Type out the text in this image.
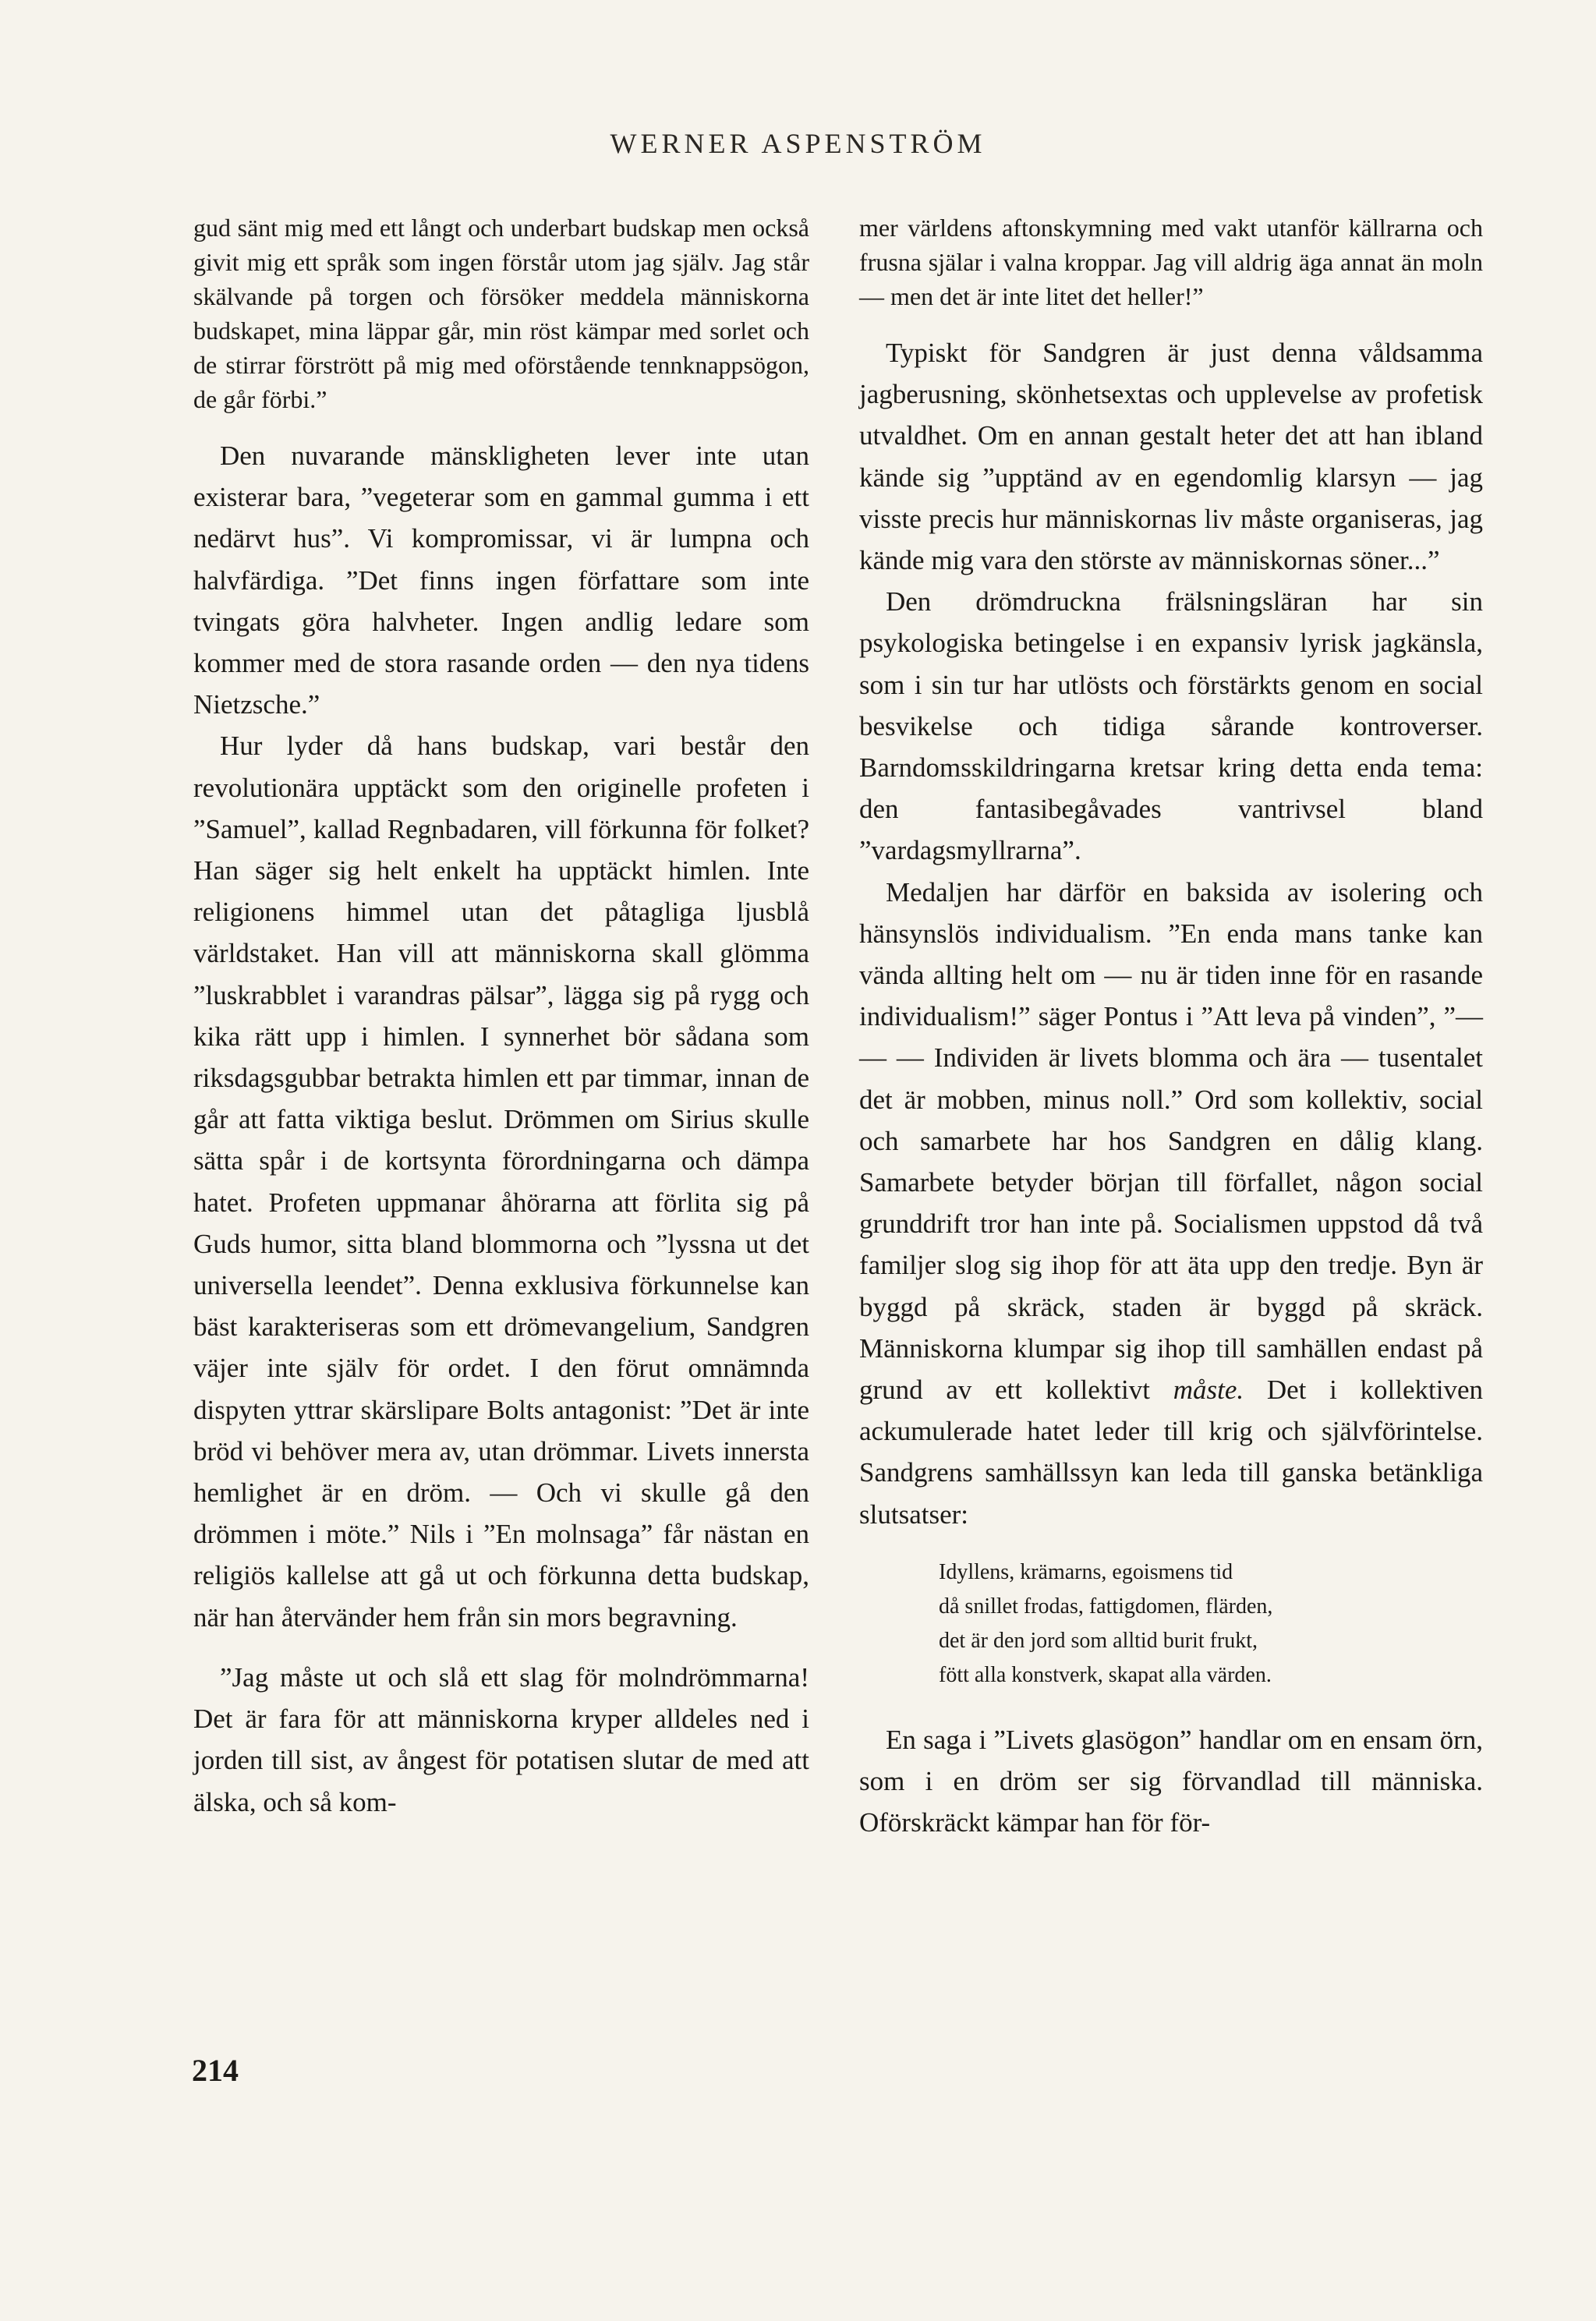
WERNER ASPENSTRÖM

gud sänt mig med ett långt och underbart budskap men också givit mig ett språk som ingen förstår utom jag själv. Jag står skälvande på torgen och försöker meddela människorna budskapet, mina läppar går, min röst kämpar med sorlet och de stirrar förstrött på mig med oförstående tennknappsögon, de går förbi.”

Den nuvarande mänskligheten lever inte utan existerar bara, ”vegeterar som en gammal gumma i ett nedärvt hus”. Vi kompromissar, vi är lumpna och halvfärdiga. ”Det finns ingen författare som inte tvingats göra halvheter. Ingen andlig ledare som kommer med de stora rasande orden — den nya tidens Nietzsche.”

Hur lyder då hans budskap, vari består den revolutionära upptäckt som den originelle profeten i ”Samuel”, kallad Regnbadaren, vill förkunna för folket? Han säger sig helt enkelt ha upptäckt himlen. Inte religionens himmel utan det påtagliga ljusblå världstaket. Han vill att människorna skall glömma ”luskrabblet i varandras pälsar”, lägga sig på rygg och kika rätt upp i himlen. I synnerhet bör sådana som riksdagsgubbar betrakta himlen ett par timmar, innan de går att fatta viktiga beslut. Drömmen om Sirius skulle sätta spår i de kortsynta förordningarna och dämpa hatet. Profeten uppmanar åhörarna att förlita sig på Guds humor, sitta bland blommorna och ”lyssna ut det universella leendet”. Denna exklusiva förkunnelse kan bäst karakteriseras som ett drömevangelium, Sandgren väjer inte själv för ordet. I den förut omnämnda dispyten yttrar skärslipare Bolts antagonist: ”Det är inte bröd vi behöver mera av, utan drömmar. Livets innersta hemlighet är en dröm. — Och vi skulle gå den drömmen i möte.” Nils i ”En molnsaga” får nästan en religiös kallelse att gå ut och förkunna detta budskap, när han återvänder hem från sin mors begravning.

”Jag måste ut och slå ett slag för molndrömmarna! Det är fara för att människorna kryper alldeles ned i jorden till sist, av ångest för potatisen slutar de med att älska, och så kom-

mer världens aftonskymning med vakt utanför källrarna och frusna själar i valna kroppar. Jag vill aldrig äga annat än moln — men det är inte litet det heller!”

Typiskt för Sandgren är just denna våldsamma jagberusning, skönhetsextas och upplevelse av profetisk utvaldhet. Om en annan gestalt heter det att han ibland kände sig ”upptänd av en egendomlig klarsyn — jag visste precis hur människornas liv måste organiseras, jag kände mig vara den störste av människornas söner...”

Den drömdruckna frälsningsläran har sin psykologiska betingelse i en expansiv lyrisk jagkänsla, som i sin tur har utlösts och förstärkts genom en social besvikelse och tidiga sårande kontroverser. Barndomsskildringarna kretsar kring detta enda tema: den fantasibegåvades vantrivsel bland ”vardagsmyllrarna”.

Medaljen har därför en baksida av isolering och hänsynslös individualism. ”En enda mans tanke kan vända allting helt om — nu är tiden inne för en rasande individualism!” säger Pontus i ”Att leva på vinden”, ”— — — Individen är livets blomma och ära — tusentalet det är mobben, minus noll.” Ord som kollektiv, social och samarbete har hos Sandgren en dålig klang. Samarbete betyder början till förfallet, någon social grunddrift tror han inte på. Socialismen uppstod då två familjer slog sig ihop för att äta upp den tredje. Byn är byggd på skräck, staden är byggd på skräck. Människorna klumpar sig ihop till samhällen endast på grund av ett kollektivt måste. Det i kollektiven ackumulerade hatet leder till krig och självförintelse. Sandgrens samhällssyn kan leda till ganska betänkliga slutsatser:

Idyllens, krämarns, egoismens tid
då snillet frodas, fattigdomen, flärden,
det är den jord som alltid burit frukt,
fött alla konstverk, skapat alla värden.

En saga i ”Livets glasögon” handlar om en ensam örn, som i en dröm ser sig förvandlad till människa. Oförskräckt kämpar han för för-

214
